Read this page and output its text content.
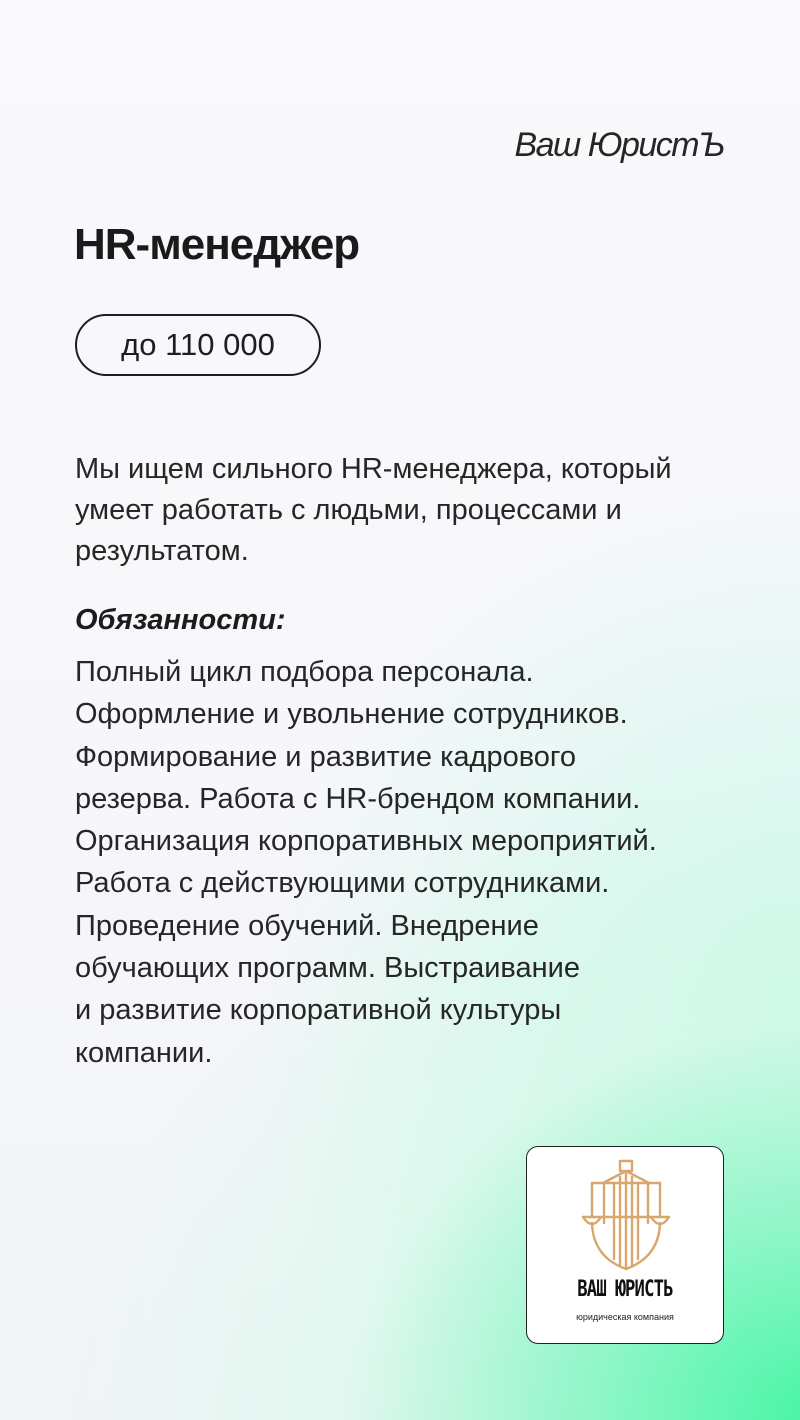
Ваш ЮристЪ
HR-менеджер
до 110 000

Мы ищем сильного HR-менеджера, который умеет работать с людьми, процессами и результатом.

Обязанности:

Полный цикл подбора персонала.
Оформление и увольнение сотрудников.
Формирование и развитие кадрового
резерва. Работа с HR-брендом компании.
Организация корпоративных мероприятий.
Работа с действующими сотрудниками.
Проведение обучений. Внедрение
обучающих программ. Выстраивание
и развитие корпоративной культуры
компании.

ВАШ ЮРИСТЬ
юридическая компания
